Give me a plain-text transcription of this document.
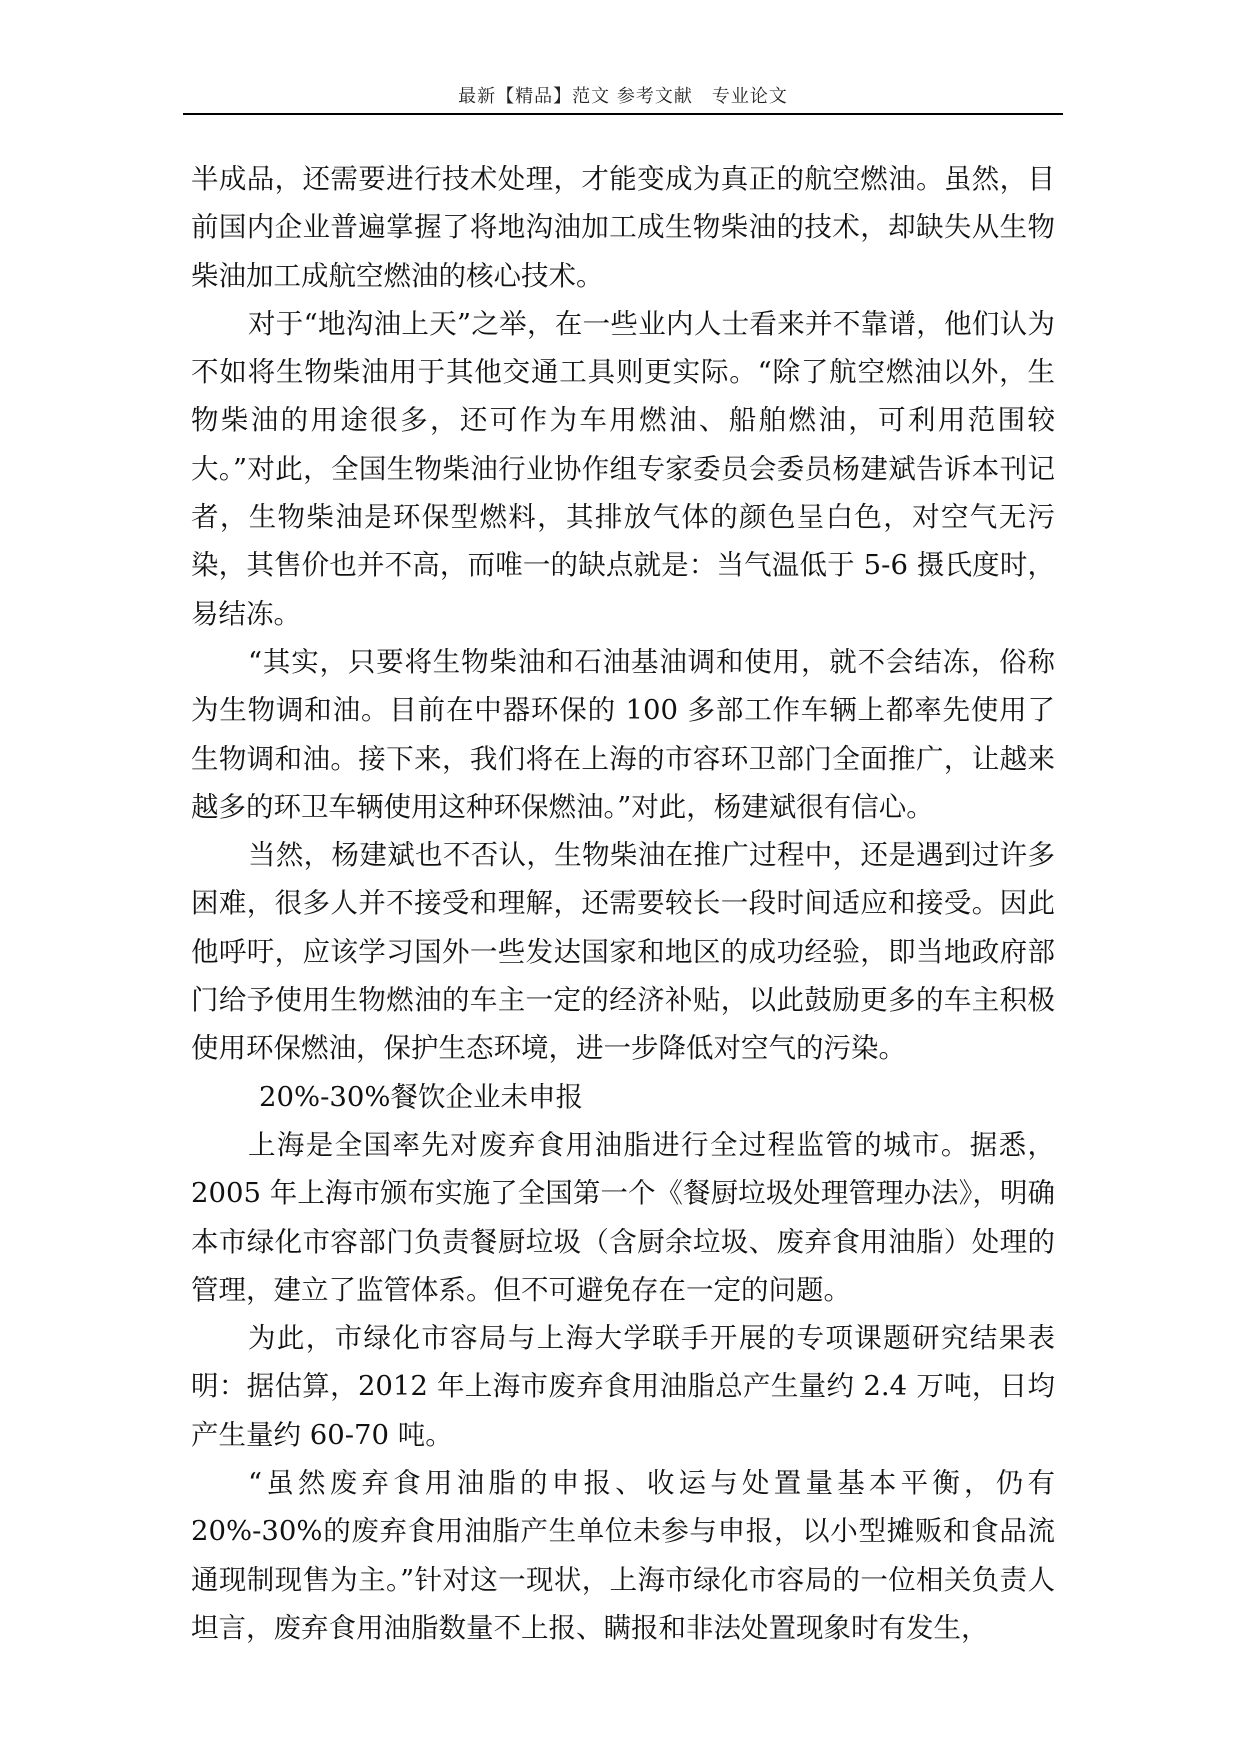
最新【精品】范文 参考文献　专业论文

半成品，还需要进行技术处理，才能变成为真正的航空燃油。虽然，目前国内企业普遍掌握了将地沟油加工成生物柴油的技术，却缺失从生物柴油加工成航空燃油的核心技术。

对于“地沟油上天”之举，在一些业内人士看来并不靠谱，他们认为不如将生物柴油用于其他交通工具则更实际。“除了航空燃油以外，生物柴油的用途很多，还可作为车用燃油、船舶燃油，可利用范围较大。”对此，全国生物柴油行业协作组专家委员会委员杨建斌告诉本刊记者，生物柴油是环保型燃料，其排放气体的颜色呈白色，对空气无污染，其售价也并不高，而唯一的缺点就是：当气温低于 5-6 摄氏度时，易结冻。

“其实，只要将生物柴油和石油基油调和使用，就不会结冻，俗称为生物调和油。目前在中器环保的 100 多部工作车辆上都率先使用了生物调和油。接下来，我们将在上海的市容环卫部门全面推广，让越来越多的环卫车辆使用这种环保燃油。”对此，杨建斌很有信心。

当然，杨建斌也不否认，生物柴油在推广过程中，还是遇到过许多困难，很多人并不接受和理解，还需要较长一段时间适应和接受。因此他呼吁，应该学习国外一些发达国家和地区的成功经验，即当地政府部门给予使用生物燃油的车主一定的经济补贴，以此鼓励更多的车主积极使用环保燃油，保护生态环境，进一步降低对空气的污染。

20%-30%餐饮企业未申报

上海是全国率先对废弃食用油脂进行全过程监管的城市。据悉，2005 年上海市颁布实施了全国第一个《餐厨垃圾处理管理办法》，明确本市绿化市容部门负责餐厨垃圾（含厨余垃圾、废弃食用油脂）处理的管理，建立了监管体系。但不可避免存在一定的问题。

为此，市绿化市容局与上海大学联手开展的专项课题研究结果表明：据估算，2012 年上海市废弃食用油脂总产生量约 2.4 万吨，日均产生量约 60-70 吨。

“虽然废弃食用油脂的申报、收运与处置量基本平衡，仍有 20%-30%的废弃食用油脂产生单位未参与申报，以小型摊贩和食品流通现制现售为主。”针对这一现状，上海市绿化市容局的一位相关负责人坦言，废弃食用油脂数量不上报、瞒报和非法处置现象时有发生，
